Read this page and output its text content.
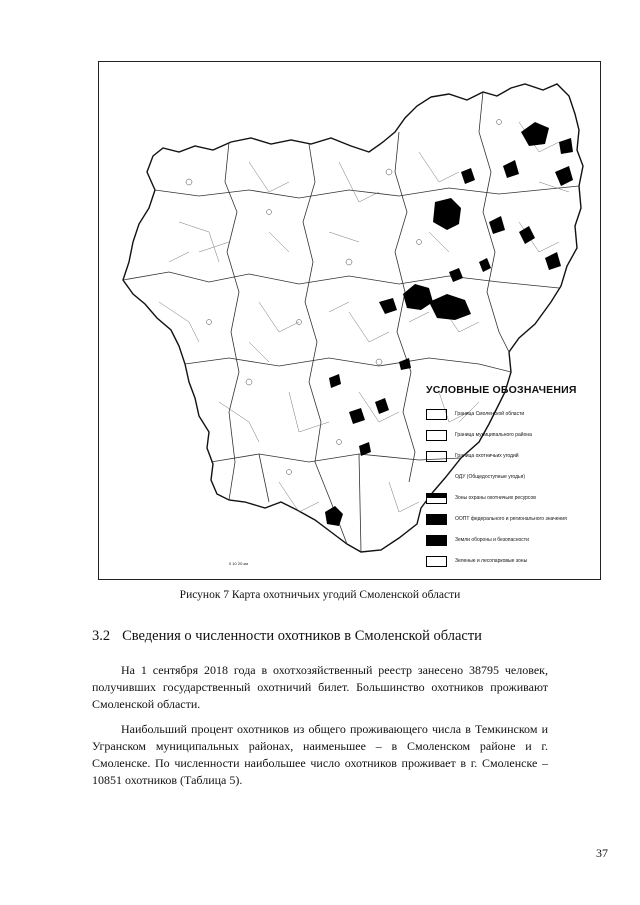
УСЛОВНЫЕ ОБОЗНАЧЕНИЯ
Граница Смоленской области
Граница муниципального района
Граница охотничьих угодий
ОДУ (Общедоступные угодья)
Зоны охраны охотничьих ресурсов
ООПТ федерального и регионального значения
Земли обороны и безопасности
Зеленые и лесопарковые зоны
0 10 20 км
Рисунок 7 Карта охотничьих угодий Смоленской области
3.2 Сведения о численности охотников в Смоленской области

На 1 сентября 2018 года в охотхозяйственный реестр занесено 38795 человек, получивших государственный охотничий билет. Большинство охотников проживают Смоленской области.

Наибольший процент охотников из общего проживающего числа в Темкинском и Угранском муниципальных районах, наименьшее – в Смоленском районе и г. Смоленске. По численности наибольшее число охотников проживает в г. Смоленске – 10851 охотников (Таблица 5).

37
